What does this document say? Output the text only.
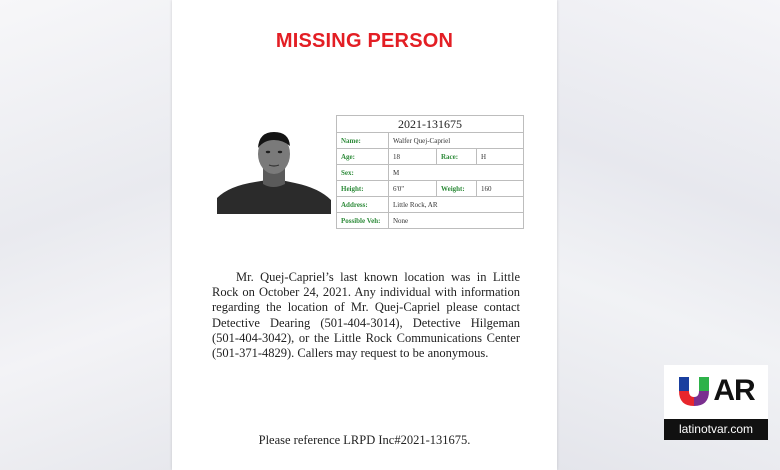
MISSING PERSON
2021-131675			
Name:	Walfer Quej-Capriel		
Age:	18	Race:	H
Sex:	M		
Height:	6'0"	Weight:	160
Address:	Little Rock, AR		
Possible Veh:	None		

Mr. Quej-Capriel’s last known location was in Little Rock on October 24, 2021. Any individual with information regarding the location of Mr. Quej-Capriel please contact Detective Dearing (501-404-3014), Detective Hilgeman (501-404-3042), or the Little Rock Communications Center (501-371-4829). Callers may request to be anonymous.

Please reference LRPD Inc#2021-131675.
AR
latinotvar.com
